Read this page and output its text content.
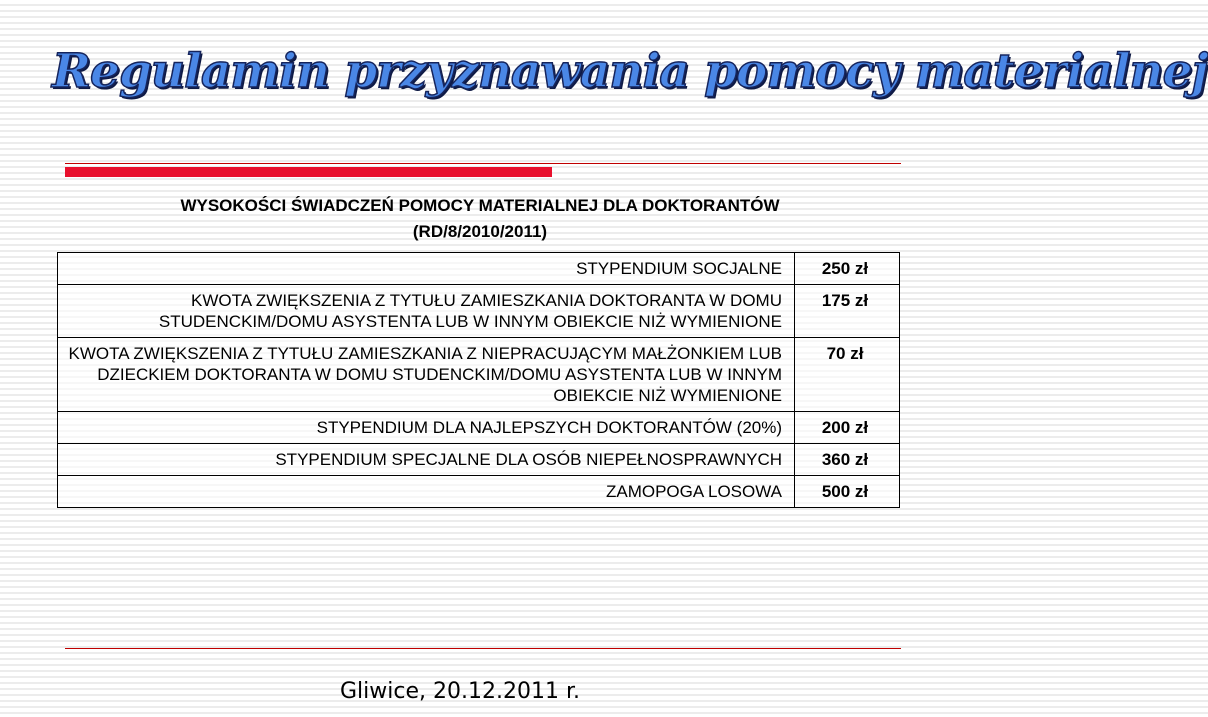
Regulamin przyznawania pomocy materialnej
WYSOKOŚCI ŚWIADCZEŃ POMOCY MATERIALNEJ DLA DOKTORANTÓW
(RD/8/2010/2011)
STYPENDIUM SOCJALNE	250 zł
KWOTA ZWIĘKSZENIA Z TYTUŁU ZAMIESZKANIA DOKTORANTA W DOMU STUDENCKIM/DOMU ASYSTENTA LUB W INNYM OBIEKCIE NIŻ WYMIENIONE	175 zł
KWOTA ZWIĘKSZENIA Z TYTUŁU ZAMIESZKANIA Z NIEPRACUJĄCYM MAŁŻONKIEM LUB DZIECKIEM DOKTORANTA W DOMU STUDENCKIM/DOMU ASYSTENTA LUB W INNYM OBIEKCIE NIŻ WYMIENIONE	70 zł
STYPENDIUM DLA NAJLEPSZYCH DOKTORANTÓW (20%)	200 zł
STYPENDIUM SPECJALNE DLA OSÓB NIEPEŁNOSPRAWNYCH	360 zł
ZAMOPOGA LOSOWA	500 zł
Gliwice, 20.12.2011 r.
